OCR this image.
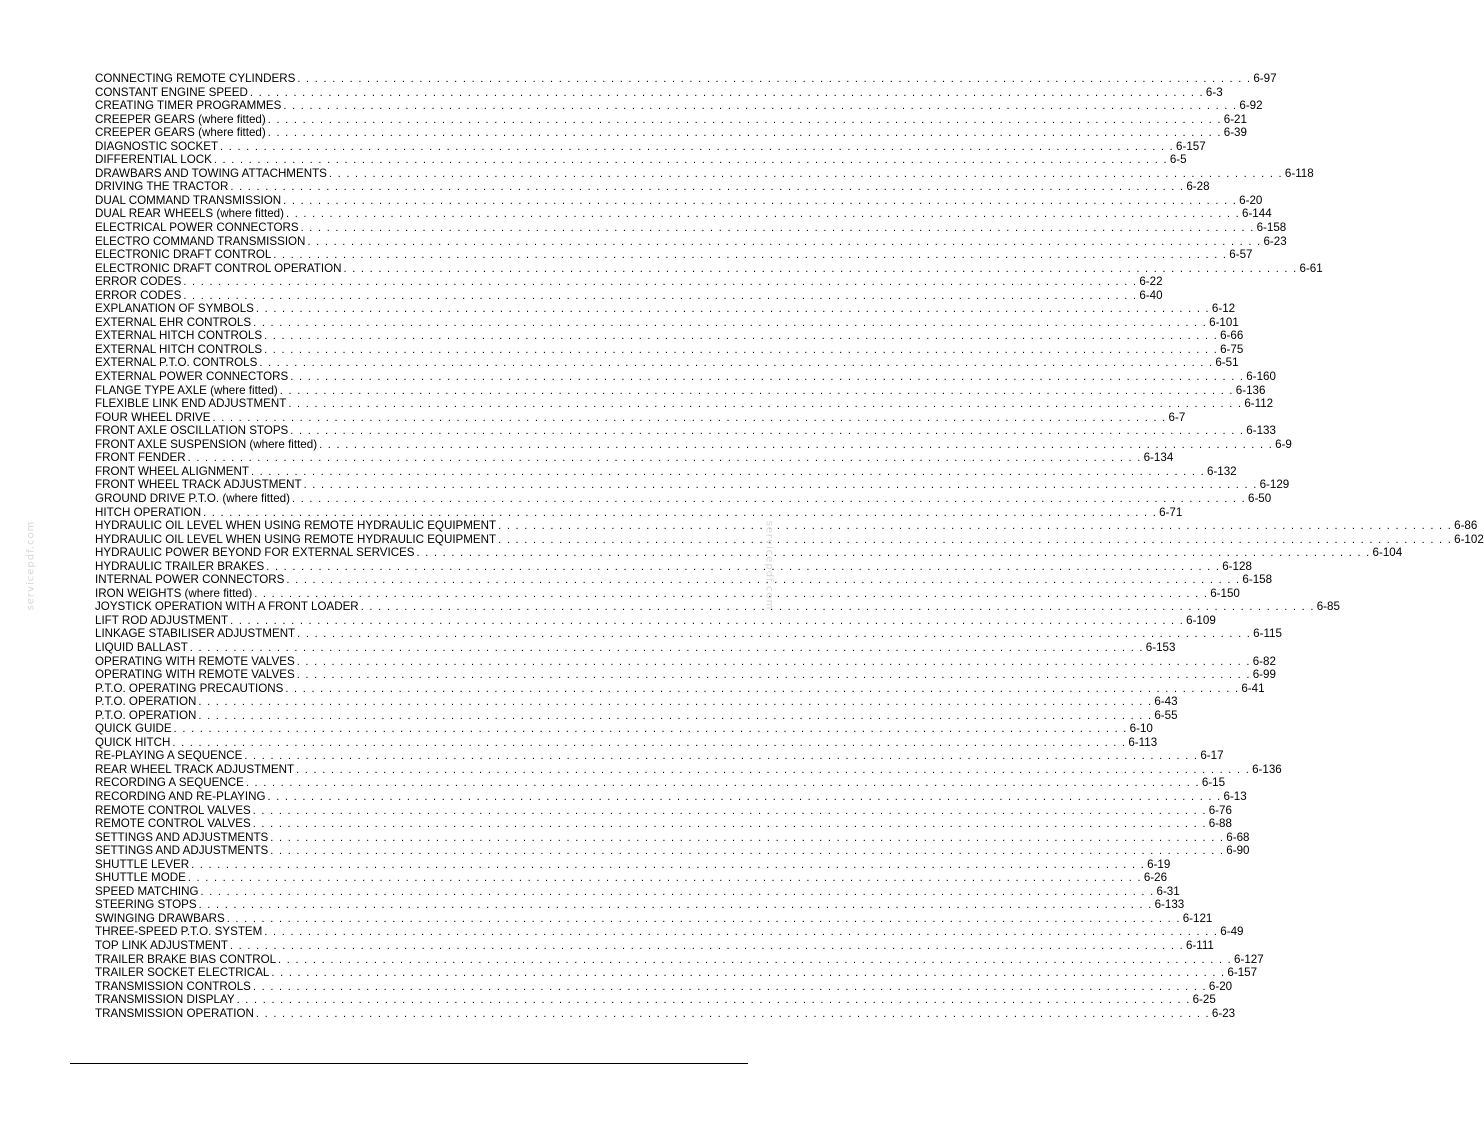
CONNECTING REMOTE CYLINDERS . . . . . . . . . . . . . . . . . . . . . . . . . . . . . . . . . . . . . . . . . . . . . . . . . . . . . . . . . . . . . . . . . . . . . . . . . . . . . . . . . . . . . . . . . . . . . . . . . . . . . . . . . . . . . . 6-97
CONSTANT ENGINE SPEED . . . . . . . . . . . . . . . . . . . . . . . . . . . . . . . . . . . . . . . . . . . . . . . . . . . . . . . . . . . . . . . . . . . . . . . . . . . . . . . . . . . . . . . . . . . . . . . . . . . . . . . . . . . . . . 6-3
CREATING TIMER PROGRAMMES . . . . . . . . . . . . . . . . . . . . . . . . . . . . . . . . . . . . . . . . . . . . . . . . . . . . . . . . . . . . . . . . . . . . . . . . . . . . . . . . . . . . . . . . . . . . . . . . . . . . . . . . . . . . . . 6-92
CREEPER GEARS (where fitted) . . . . . . . . . . . . . . . . . . . . . . . . . . . . . . . . . . . . . . . . . . . . . . . . . . . . . . . . . . . . . . . . . . . . . . . . . . . . . . . . . . . . . . . . . . . . . . . . . . . . . . . . . . . . . . 6-21
CREEPER GEARS (where fitted) . . . . . . . . . . . . . . . . . . . . . . . . . . . . . . . . . . . . . . . . . . . . . . . . . . . . . . . . . . . . . . . . . . . . . . . . . . . . . . . . . . . . . . . . . . . . . . . . . . . . . . . . . . . . . . 6-39
DIAGNOSTIC SOCKET . . . . . . . . . . . . . . . . . . . . . . . . . . . . . . . . . . . . . . . . . . . . . . . . . . . . . . . . . . . . . . . . . . . . . . . . . . . . . . . . . . . . . . . . . . . . . . . . . . . . . . . . . . . . . . 6-157
DIFFERENTIAL LOCK . . . . . . . . . . . . . . . . . . . . . . . . . . . . . . . . . . . . . . . . . . . . . . . . . . . . . . . . . . . . . . . . . . . . . . . . . . . . . . . . . . . . . . . . . . . . . . . . . . . . . . . . . . . . . . 6-5
DRAWBARS AND TOWING ATTACHMENTS . . . . . . . . . . . . . . . . . . . . . . . . . . . . . . . . . . . . . . . . . . . . . . . . . . . . . . . . . . . . . . . . . . . . . . . . . . . . . . . . . . . . . . . . . . . . . . . . . . . . . . . . . . . . . . 6-118
DRIVING THE TRACTOR . . . . . . . . . . . . . . . . . . . . . . . . . . . . . . . . . . . . . . . . . . . . . . . . . . . . . . . . . . . . . . . . . . . . . . . . . . . . . . . . . . . . . . . . . . . . . . . . . . . . . . . . . . . . . . 6-28
DUAL COMMAND TRANSMISSION . . . . . . . . . . . . . . . . . . . . . . . . . . . . . . . . . . . . . . . . . . . . . . . . . . . . . . . . . . . . . . . . . . . . . . . . . . . . . . . . . . . . . . . . . . . . . . . . . . . . . . . . . . . . . . 6-20
DUAL REAR WHEELS (where fitted) . . . . . . . . . . . . . . . . . . . . . . . . . . . . . . . . . . . . . . . . . . . . . . . . . . . . . . . . . . . . . . . . . . . . . . . . . . . . . . . . . . . . . . . . . . . . . . . . . . . . . . . . . . . . . . 6-144
ELECTRICAL POWER CONNECTORS . . . . . . . . . . . . . . . . . . . . . . . . . . . . . . . . . . . . . . . . . . . . . . . . . . . . . . . . . . . . . . . . . . . . . . . . . . . . . . . . . . . . . . . . . . . . . . . . . . . . . . . . . . . . . . 6-158
ELECTRO COMMAND TRANSMISSION . . . . . . . . . . . . . . . . . . . . . . . . . . . . . . . . . . . . . . . . . . . . . . . . . . . . . . . . . . . . . . . . . . . . . . . . . . . . . . . . . . . . . . . . . . . . . . . . . . . . . . . . . . . . . . 6-23
ELECTRONIC DRAFT CONTROL . . . . . . . . . . . . . . . . . . . . . . . . . . . . . . . . . . . . . . . . . . . . . . . . . . . . . . . . . . . . . . . . . . . . . . . . . . . . . . . . . . . . . . . . . . . . . . . . . . . . . . . . . . . . . . 6-57
ELECTRONIC DRAFT CONTROL OPERATION . . . . . . . . . . . . . . . . . . . . . . . . . . . . . . . . . . . . . . . . . . . . . . . . . . . . . . . . . . . . . . . . . . . . . . . . . . . . . . . . . . . . . . . . . . . . . . . . . . . . . . . . . . . . . . 6-61
ERROR CODES . . . . . . . . . . . . . . . . . . . . . . . . . . . . . . . . . . . . . . . . . . . . . . . . . . . . . . . . . . . . . . . . . . . . . . . . . . . . . . . . . . . . . . . . . . . . . . . . . . . . . . . . . . . . . . 6-22
ERROR CODES . . . . . . . . . . . . . . . . . . . . . . . . . . . . . . . . . . . . . . . . . . . . . . . . . . . . . . . . . . . . . . . . . . . . . . . . . . . . . . . . . . . . . . . . . . . . . . . . . . . . . . . . . . . . . . 6-40
EXPLANATION OF SYMBOLS . . . . . . . . . . . . . . . . . . . . . . . . . . . . . . . . . . . . . . . . . . . . . . . . . . . . . . . . . . . . . . . . . . . . . . . . . . . . . . . . . . . . . . . . . . . . . . . . . . . . . . . . . . . . . . 6-12
EXTERNAL EHR CONTROLS . . . . . . . . . . . . . . . . . . . . . . . . . . . . . . . . . . . . . . . . . . . . . . . . . . . . . . . . . . . . . . . . . . . . . . . . . . . . . . . . . . . . . . . . . . . . . . . . . . . . . . . . . . . . . . 6-101
EXTERNAL HITCH CONTROLS . . . . . . . . . . . . . . . . . . . . . . . . . . . . . . . . . . . . . . . . . . . . . . . . . . . . . . . . . . . . . . . . . . . . . . . . . . . . . . . . . . . . . . . . . . . . . . . . . . . . . . . . . . . . . . 6-66
EXTERNAL HITCH CONTROLS . . . . . . . . . . . . . . . . . . . . . . . . . . . . . . . . . . . . . . . . . . . . . . . . . . . . . . . . . . . . . . . . . . . . . . . . . . . . . . . . . . . . . . . . . . . . . . . . . . . . . . . . . . . . . . 6-75
EXTERNAL P.T.O. CONTROLS . . . . . . . . . . . . . . . . . . . . . . . . . . . . . . . . . . . . . . . . . . . . . . . . . . . . . . . . . . . . . . . . . . . . . . . . . . . . . . . . . . . . . . . . . . . . . . . . . . . . . . . . . . . . . . 6-51
EXTERNAL POWER CONNECTORS . . . . . . . . . . . . . . . . . . . . . . . . . . . . . . . . . . . . . . . . . . . . . . . . . . . . . . . . . . . . . . . . . . . . . . . . . . . . . . . . . . . . . . . . . . . . . . . . . . . . . . . . . . . . . . 6-160
FLANGE TYPE AXLE (where fitted) . . . . . . . . . . . . . . . . . . . . . . . . . . . . . . . . . . . . . . . . . . . . . . . . . . . . . . . . . . . . . . . . . . . . . . . . . . . . . . . . . . . . . . . . . . . . . . . . . . . . . . . . . . . . . . 6-136
FLEXIBLE LINK END ADJUSTMENT . . . . . . . . . . . . . . . . . . . . . . . . . . . . . . . . . . . . . . . . . . . . . . . . . . . . . . . . . . . . . . . . . . . . . . . . . . . . . . . . . . . . . . . . . . . . . . . . . . . . . . . . . . . . . . 6-112
FOUR WHEEL DRIVE . . . . . . . . . . . . . . . . . . . . . . . . . . . . . . . . . . . . . . . . . . . . . . . . . . . . . . . . . . . . . . . . . . . . . . . . . . . . . . . . . . . . . . . . . . . . . . . . . . . . . . . . . . . . . . 6-7
FRONT AXLE OSCILLATION STOPS . . . . . . . . . . . . . . . . . . . . . . . . . . . . . . . . . . . . . . . . . . . . . . . . . . . . . . . . . . . . . . . . . . . . . . . . . . . . . . . . . . . . . . . . . . . . . . . . . . . . . . . . . . . . . . 6-133
FRONT AXLE SUSPENSION (where fitted) . . . . . . . . . . . . . . . . . . . . . . . . . . . . . . . . . . . . . . . . . . . . . . . . . . . . . . . . . . . . . . . . . . . . . . . . . . . . . . . . . . . . . . . . . . . . . . . . . . . . . . . . . . . . . . 6-9
FRONT FENDER . . . . . . . . . . . . . . . . . . . . . . . . . . . . . . . . . . . . . . . . . . . . . . . . . . . . . . . . . . . . . . . . . . . . . . . . . . . . . . . . . . . . . . . . . . . . . . . . . . . . . . . . . . . . . . 6-134
FRONT WHEEL ALIGNMENT . . . . . . . . . . . . . . . . . . . . . . . . . . . . . . . . . . . . . . . . . . . . . . . . . . . . . . . . . . . . . . . . . . . . . . . . . . . . . . . . . . . . . . . . . . . . . . . . . . . . . . . . . . . . . . 6-132
FRONT WHEEL TRACK ADJUSTMENT . . . . . . . . . . . . . . . . . . . . . . . . . . . . . . . . . . . . . . . . . . . . . . . . . . . . . . . . . . . . . . . . . . . . . . . . . . . . . . . . . . . . . . . . . . . . . . . . . . . . . . . . . . . . . . 6-129
GROUND DRIVE P.T.O. (where fitted) . . . . . . . . . . . . . . . . . . . . . . . . . . . . . . . . . . . . . . . . . . . . . . . . . . . . . . . . . . . . . . . . . . . . . . . . . . . . . . . . . . . . . . . . . . . . . . . . . . . . . . . . . . . . . . 6-50
HITCH OPERATION . . . . . . . . . . . . . . . . . . . . . . . . . . . . . . . . . . . . . . . . . . . . . . . . . . . . . . . . . . . . . . . . . . . . . . . . . . . . . . . . . . . . . . . . . . . . . . . . . . . . . . . . . . . . . . 6-71
HYDRAULIC OIL LEVEL WHEN USING REMOTE HYDRAULIC EQUIPMENT . . . . . . . . . . . . . . . . . . . . . . . . . . . . . . . . . . . . . . . . . . . . . . . . . . . . . . . . . . . . . . . . . . . . . . . . . . . . . . . . . . . . . . . . . . . . . . . . . . . . . . . . . . . . . . 6-86
HYDRAULIC OIL LEVEL WHEN USING REMOTE HYDRAULIC EQUIPMENT . . . . . . . . . . . . . . . . . . . . . . . . . . . . . . . . . . . . . . . . . . . . . . . . . . . . . . . . . . . . . . . . . . . . . . . . . . . . . . . . . . . . . . . . . . . . . . . . . . . . . . . . . . . . . . 6-102
HYDRAULIC POWER BEYOND FOR EXTERNAL SERVICES . . . . . . . . . . . . . . . . . . . . . . . . . . . . . . . . . . . . . . . . . . . . . . . . . . . . . . . . . . . . . . . . . . . . . . . . . . . . . . . . . . . . . . . . . . . . . . . . . . . . . . . . . . . . . . 6-104
HYDRAULIC TRAILER BRAKES . . . . . . . . . . . . . . . . . . . . . . . . . . . . . . . . . . . . . . . . . . . . . . . . . . . . . . . . . . . . . . . . . . . . . . . . . . . . . . . . . . . . . . . . . . . . . . . . . . . . . . . . . . . . . . 6-128
INTERNAL POWER CONNECTORS . . . . . . . . . . . . . . . . . . . . . . . . . . . . . . . . . . . . . . . . . . . . . . . . . . . . . . . . . . . . . . . . . . . . . . . . . . . . . . . . . . . . . . . . . . . . . . . . . . . . . . . . . . . . . . 6-158
IRON WEIGHTS (where fitted) . . . . . . . . . . . . . . . . . . . . . . . . . . . . . . . . . . . . . . . . . . . . . . . . . . . . . . . . . . . . . . . . . . . . . . . . . . . . . . . . . . . . . . . . . . . . . . . . . . . . . . . . . . . . . . 6-150
JOYSTICK OPERATION WITH A FRONT LOADER . . . . . . . . . . . . . . . . . . . . . . . . . . . . . . . . . . . . . . . . . . . . . . . . . . . . . . . . . . . . . . . . . . . . . . . . . . . . . . . . . . . . . . . . . . . . . . . . . . . . . . . . . . . . . . 6-85
LIFT ROD ADJUSTMENT . . . . . . . . . . . . . . . . . . . . . . . . . . . . . . . . . . . . . . . . . . . . . . . . . . . . . . . . . . . . . . . . . . . . . . . . . . . . . . . . . . . . . . . . . . . . . . . . . . . . . . . . . . . . . . 6-109
LINKAGE STABILISER ADJUSTMENT . . . . . . . . . . . . . . . . . . . . . . . . . . . . . . . . . . . . . . . . . . . . . . . . . . . . . . . . . . . . . . . . . . . . . . . . . . . . . . . . . . . . . . . . . . . . . . . . . . . . . . . . . . . . . . 6-115
LIQUID BALLAST . . . . . . . . . . . . . . . . . . . . . . . . . . . . . . . . . . . . . . . . . . . . . . . . . . . . . . . . . . . . . . . . . . . . . . . . . . . . . . . . . . . . . . . . . . . . . . . . . . . . . . . . . . . . . . 6-153
OPERATING WITH REMOTE VALVES . . . . . . . . . . . . . . . . . . . . . . . . . . . . . . . . . . . . . . . . . . . . . . . . . . . . . . . . . . . . . . . . . . . . . . . . . . . . . . . . . . . . . . . . . . . . . . . . . . . . . . . . . . . . . . 6-82
OPERATING WITH REMOTE VALVES . . . . . . . . . . . . . . . . . . . . . . . . . . . . . . . . . . . . . . . . . . . . . . . . . . . . . . . . . . . . . . . . . . . . . . . . . . . . . . . . . . . . . . . . . . . . . . . . . . . . . . . . . . . . . . 6-99
P.T.O. OPERATING PRECAUTIONS . . . . . . . . . . . . . . . . . . . . . . . . . . . . . . . . . . . . . . . . . . . . . . . . . . . . . . . . . . . . . . . . . . . . . . . . . . . . . . . . . . . . . . . . . . . . . . . . . . . . . . . . . . . . . . 6-41
P.T.O. OPERATION . . . . . . . . . . . . . . . . . . . . . . . . . . . . . . . . . . . . . . . . . . . . . . . . . . . . . . . . . . . . . . . . . . . . . . . . . . . . . . . . . . . . . . . . . . . . . . . . . . . . . . . . . . . . . . 6-43
P.T.O. OPERATION . . . . . . . . . . . . . . . . . . . . . . . . . . . . . . . . . . . . . . . . . . . . . . . . . . . . . . . . . . . . . . . . . . . . . . . . . . . . . . . . . . . . . . . . . . . . . . . . . . . . . . . . . . . . . . 6-55
QUICK GUIDE . . . . . . . . . . . . . . . . . . . . . . . . . . . . . . . . . . . . . . . . . . . . . . . . . . . . . . . . . . . . . . . . . . . . . . . . . . . . . . . . . . . . . . . . . . . . . . . . . . . . . . . . . . . . . . 6-10
QUICK HITCH . . . . . . . . . . . . . . . . . . . . . . . . . . . . . . . . . . . . . . . . . . . . . . . . . . . . . . . . . . . . . . . . . . . . . . . . . . . . . . . . . . . . . . . . . . . . . . . . . . . . . . . . . . . . . . 6-113
RE-PLAYING A SEQUENCE . . . . . . . . . . . . . . . . . . . . . . . . . . . . . . . . . . . . . . . . . . . . . . . . . . . . . . . . . . . . . . . . . . . . . . . . . . . . . . . . . . . . . . . . . . . . . . . . . . . . . . . . . . . . . . 6-17
REAR WHEEL TRACK ADJUSTMENT . . . . . . . . . . . . . . . . . . . . . . . . . . . . . . . . . . . . . . . . . . . . . . . . . . . . . . . . . . . . . . . . . . . . . . . . . . . . . . . . . . . . . . . . . . . . . . . . . . . . . . . . . . . . . . 6-136
RECORDING A SEQUENCE . . . . . . . . . . . . . . . . . . . . . . . . . . . . . . . . . . . . . . . . . . . . . . . . . . . . . . . . . . . . . . . . . . . . . . . . . . . . . . . . . . . . . . . . . . . . . . . . . . . . . . . . . . . . . . 6-15
RECORDING AND RE-PLAYING . . . . . . . . . . . . . . . . . . . . . . . . . . . . . . . . . . . . . . . . . . . . . . . . . . . . . . . . . . . . . . . . . . . . . . . . . . . . . . . . . . . . . . . . . . . . . . . . . . . . . . . . . . . . . . 6-13
REMOTE CONTROL VALVES . . . . . . . . . . . . . . . . . . . . . . . . . . . . . . . . . . . . . . . . . . . . . . . . . . . . . . . . . . . . . . . . . . . . . . . . . . . . . . . . . . . . . . . . . . . . . . . . . . . . . . . . . . . . . . 6-76
REMOTE CONTROL VALVES . . . . . . . . . . . . . . . . . . . . . . . . . . . . . . . . . . . . . . . . . . . . . . . . . . . . . . . . . . . . . . . . . . . . . . . . . . . . . . . . . . . . . . . . . . . . . . . . . . . . . . . . . . . . . . 6-88
SETTINGS AND ADJUSTMENTS . . . . . . . . . . . . . . . . . . . . . . . . . . . . . . . . . . . . . . . . . . . . . . . . . . . . . . . . . . . . . . . . . . . . . . . . . . . . . . . . . . . . . . . . . . . . . . . . . . . . . . . . . . . . . . 6-68
SETTINGS AND ADJUSTMENTS . . . . . . . . . . . . . . . . . . . . . . . . . . . . . . . . . . . . . . . . . . . . . . . . . . . . . . . . . . . . . . . . . . . . . . . . . . . . . . . . . . . . . . . . . . . . . . . . . . . . . . . . . . . . . . 6-90
SHUTTLE LEVER . . . . . . . . . . . . . . . . . . . . . . . . . . . . . . . . . . . . . . . . . . . . . . . . . . . . . . . . . . . . . . . . . . . . . . . . . . . . . . . . . . . . . . . . . . . . . . . . . . . . . . . . . . . . . . 6-19
SHUTTLE MODE . . . . . . . . . . . . . . . . . . . . . . . . . . . . . . . . . . . . . . . . . . . . . . . . . . . . . . . . . . . . . . . . . . . . . . . . . . . . . . . . . . . . . . . . . . . . . . . . . . . . . . . . . . . . . . 6-26
SPEED MATCHING . . . . . . . . . . . . . . . . . . . . . . . . . . . . . . . . . . . . . . . . . . . . . . . . . . . . . . . . . . . . . . . . . . . . . . . . . . . . . . . . . . . . . . . . . . . . . . . . . . . . . . . . . . . . . . 6-31
STEERING STOPS . . . . . . . . . . . . . . . . . . . . . . . . . . . . . . . . . . . . . . . . . . . . . . . . . . . . . . . . . . . . . . . . . . . . . . . . . . . . . . . . . . . . . . . . . . . . . . . . . . . . . . . . . . . . . . 6-133
SWINGING DRAWBARS . . . . . . . . . . . . . . . . . . . . . . . . . . . . . . . . . . . . . . . . . . . . . . . . . . . . . . . . . . . . . . . . . . . . . . . . . . . . . . . . . . . . . . . . . . . . . . . . . . . . . . . . . . . . . . 6-121
THREE-SPEED P.T.O. SYSTEM . . . . . . . . . . . . . . . . . . . . . . . . . . . . . . . . . . . . . . . . . . . . . . . . . . . . . . . . . . . . . . . . . . . . . . . . . . . . . . . . . . . . . . . . . . . . . . . . . . . . . . . . . . . . . . 6-49
TOP LINK ADJUSTMENT . . . . . . . . . . . . . . . . . . . . . . . . . . . . . . . . . . . . . . . . . . . . . . . . . . . . . . . . . . . . . . . . . . . . . . . . . . . . . . . . . . . . . . . . . . . . . . . . . . . . . . . . . . . . . . 6-111
TRAILER BRAKE BIAS CONTROL . . . . . . . . . . . . . . . . . . . . . . . . . . . . . . . . . . . . . . . . . . . . . . . . . . . . . . . . . . . . . . . . . . . . . . . . . . . . . . . . . . . . . . . . . . . . . . . . . . . . . . . . . . . . . . 6-127
TRAILER SOCKET ELECTRICAL . . . . . . . . . . . . . . . . . . . . . . . . . . . . . . . . . . . . . . . . . . . . . . . . . . . . . . . . . . . . . . . . . . . . . . . . . . . . . . . . . . . . . . . . . . . . . . . . . . . . . . . . . . . . . . 6-157
TRANSMISSION CONTROLS . . . . . . . . . . . . . . . . . . . . . . . . . . . . . . . . . . . . . . . . . . . . . . . . . . . . . . . . . . . . . . . . . . . . . . . . . . . . . . . . . . . . . . . . . . . . . . . . . . . . . . . . . . . . . . 6-20
TRANSMISSION DISPLAY . . . . . . . . . . . . . . . . . . . . . . . . . . . . . . . . . . . . . . . . . . . . . . . . . . . . . . . . . . . . . . . . . . . . . . . . . . . . . . . . . . . . . . . . . . . . . . . . . . . . . . . . . . . . . . 6-25
TRANSMISSION OPERATION . . . . . . . . . . . . . . . . . . . . . . . . . . . . . . . . . . . . . . . . . . . . . . . . . . . . . . . . . . . . . . . . . . . . . . . . . . . . . . . . . . . . . . . . . . . . . . . . . . . . . . . . . . . . . . 6-23
servicepdf.com	servicepdf.com
